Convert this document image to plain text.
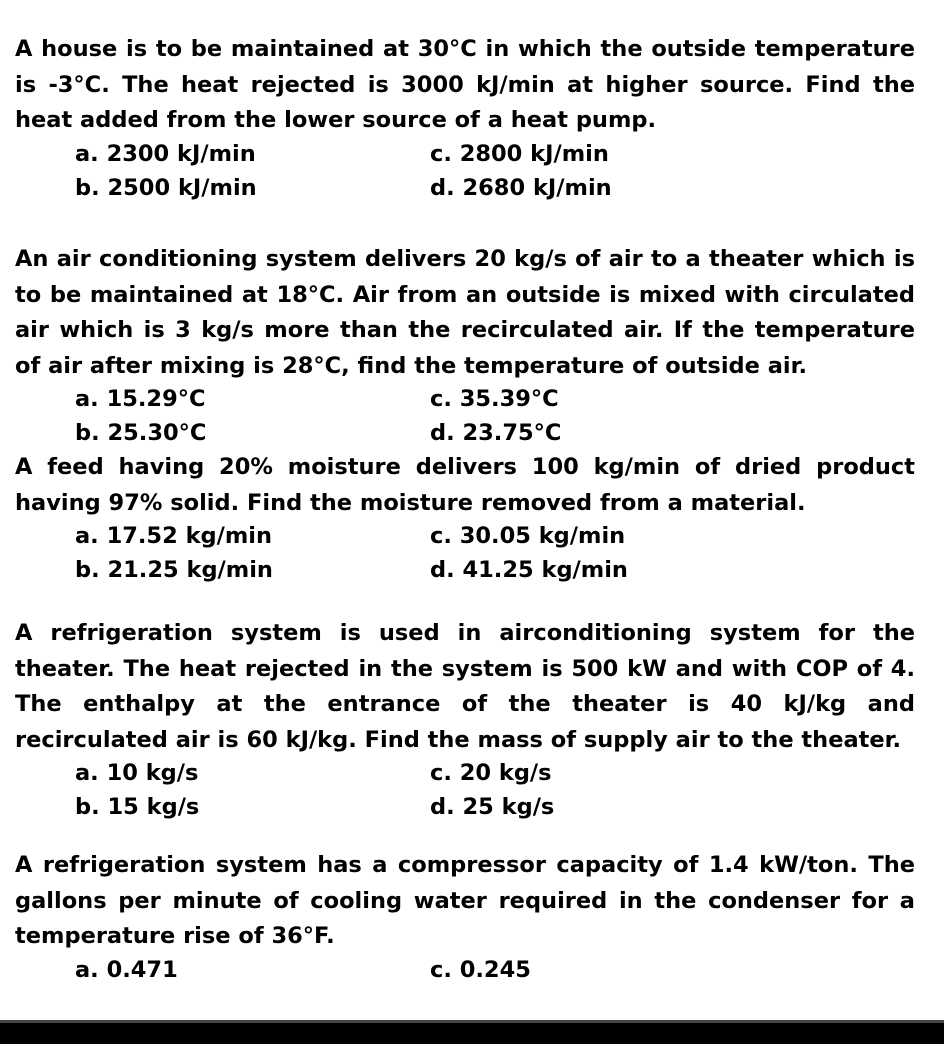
A house is to be maintained at 30°C in which the outside temperature is -3°C. The heat rejected is 3000 kJ/min at higher source. Find the heat added from the lower source of a heat pump.

a. 2300 kJ/min	c. 2800 kJ/min
b. 2500 kJ/min	d. 2680 kJ/min

An air conditioning system delivers 20 kg/s of air to a theater which is to be maintained at 18°C. Air from an outside is mixed with circulated air which is 3 kg/s more than the recirculated air. If the temperature of air after mixing is 28°C, find the temperature of outside air.

a. 15.29°C	c. 35.39°C
b. 25.30°C	d. 23.75°C

A feed having 20% moisture delivers 100 kg/min of dried product having 97% solid. Find the moisture removed from a material.

a. 17.52 kg/min	c. 30.05 kg/min
b. 21.25 kg/min	d. 41.25 kg/min

A refrigeration system is used in airconditioning system for the theater. The heat rejected in the system is 500 kW and with COP of 4. The enthalpy at the entrance of the theater is 40 kJ/kg and recirculated air is 60 kJ/kg. Find the mass of supply air to the theater.

a. 10 kg/s	c. 20 kg/s
b. 15 kg/s	d. 25 kg/s

A refrigeration system has a compressor capacity of 1.4 kW/ton. The gallons per minute of cooling water required in the condenser for a temperature rise of 36°F.

a. 0.471	c. 0.245
